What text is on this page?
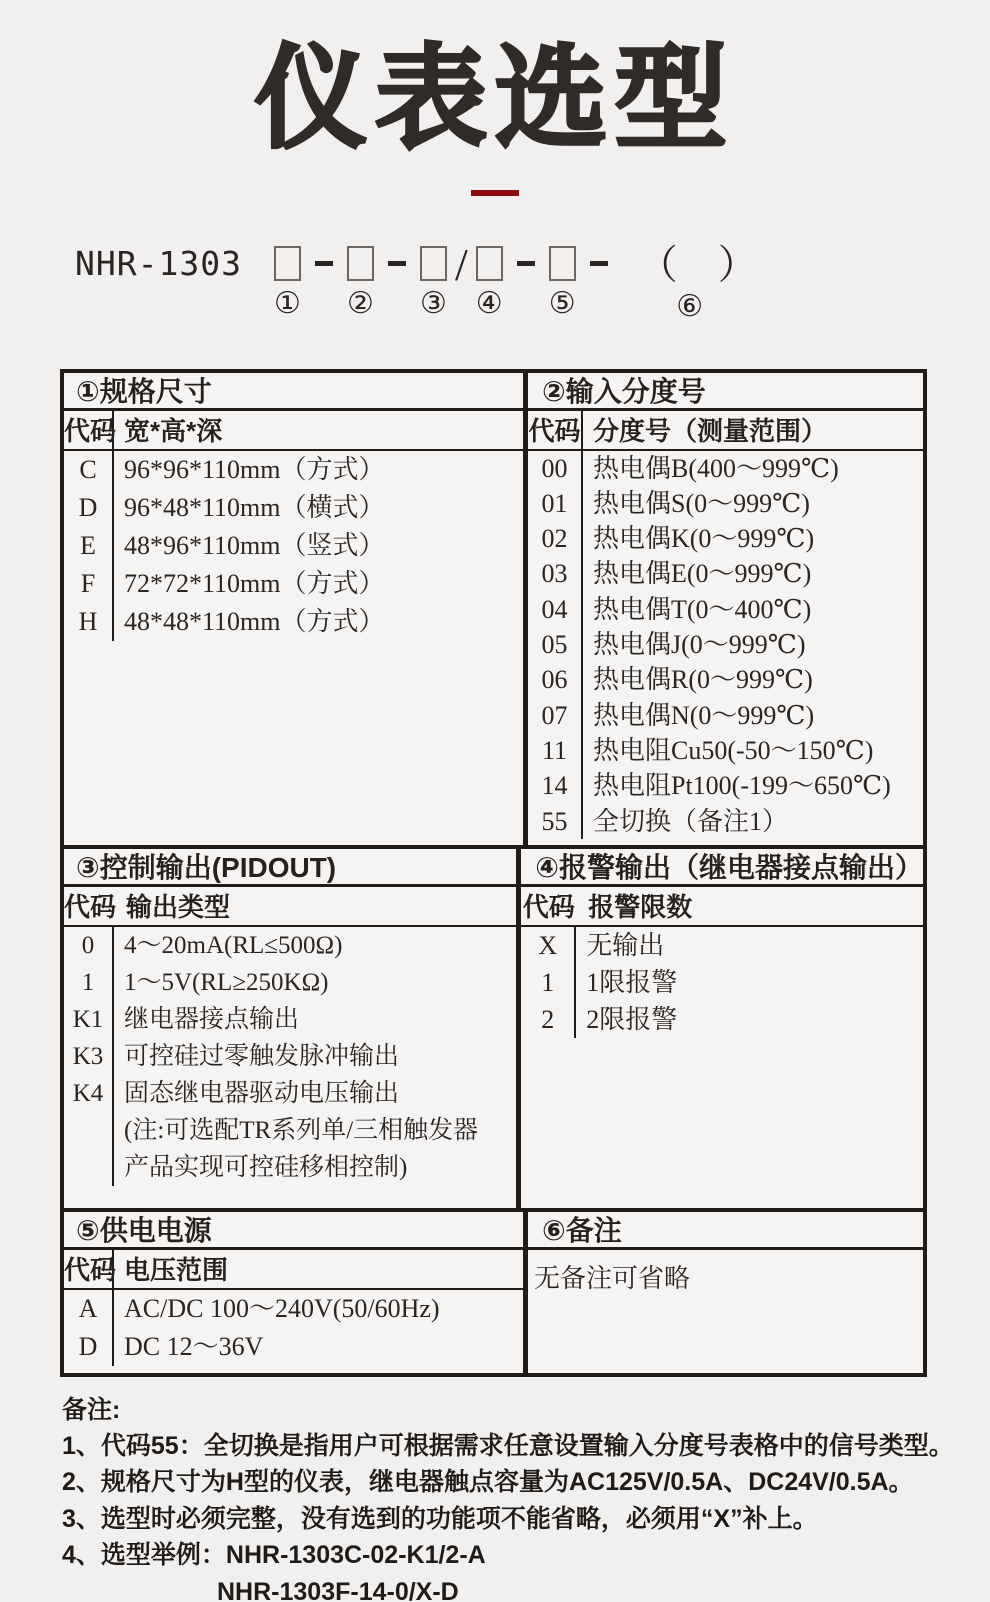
仪表选型
NHR-1303
① ② ③
/
④ ⑤
（　）
⑥
①规格尺寸
代码 宽*高*深
C
D
E
F
H
96*96*110mm（方式）
96*48*110mm（横式）
48*96*110mm（竖式）
72*72*110mm（方式）
48*48*110mm（方式）
②输入分度号
代码 分度号（测量范围）
00
01
02
03
04
05
06
07
11
14
55
热电偶B(400～999℃)
热电偶S(0～999℃)
热电偶K(0～999℃)
热电偶E(0～999℃)
热电偶T(0～400℃)
热电偶J(0～999℃)
热电偶R(0～999℃)
热电偶N(0～999℃)
热电阻Cu50(-50～150℃)
热电阻Pt100(-199～650℃)
全切换（备注1）
③控制输出(PIDOUT)
代码 输出类型
0
1
K1
K3
K4
4～20mA(RL≤500Ω)
1～5V(RL≥250KΩ)
继电器接点输出
可控硅过零触发脉冲输出
固态继电器驱动电压输出
(注:可选配TR系列单/三相触发器
产品实现可控硅移相控制)
④报警输出（继电器接点输出）
代码 报警限数
X
1
2
无输出
1限报警
2限报警
⑤供电电源
代码 电压范围
A
D
AC/DC 100～240V(50/60Hz)
DC 12～36V
⑥备注
无备注可省略
备注:
1、代码55：全切换是指用户可根据需求任意设置输入分度号表格中的信号类型。
2、规格尺寸为H型的仪表，继电器触点容量为AC125V/0.5A、DC24V/0.5A。
3、选型时必须完整，没有选到的功能项不能省略，必须用“X”补上。
4、选型举例：NHR-1303C-02-K1/2-A
NHR-1303F-14-0/X-D
